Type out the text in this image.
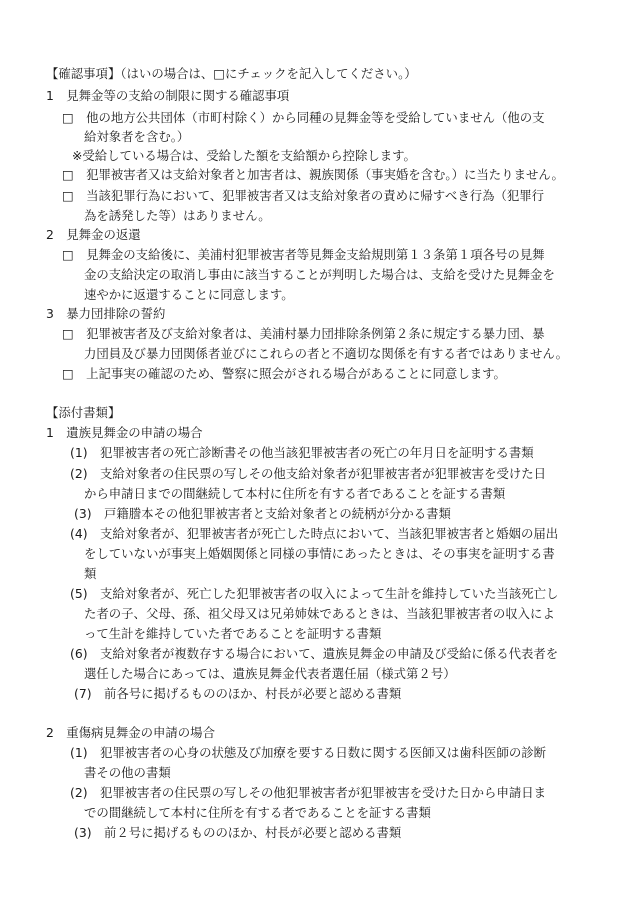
【確認事項】（はいの場合は、□にチェックを記入してください。）
1　見舞金等の支給の制限に関する確認事項
□　他の地方公共団体（市町村除く）から同種の見舞金等を受給していません（他の支
給対象者を含む。）
※受給している場合は、受給した額を支給額から控除します。
□　犯罪被害者又は支給対象者と加害者は、親族関係（事実婚を含む。）に当たりません。
□　当該犯罪行為において、犯罪被害者又は支給対象者の責めに帰すべき行為（犯罪行
為を誘発した等）はありません。
2　見舞金の返還
□　見舞金の支給後に、美浦村犯罪被害者等見舞金支給規則第１３条第１項各号の見舞
金の支給決定の取消し事由に該当することが判明した場合は、支給を受けた見舞金を
速やかに返還することに同意します。
3　暴力団排除の誓約
□　犯罪被害者及び支給対象者は、美浦村暴力団排除条例第２条に規定する暴力団、暴
力団員及び暴力団関係者並びにこれらの者と不適切な関係を有する者ではありません。
□　上記事実の確認のため、警察に照会がされる場合があることに同意します。
【添付書類】
1　遺族見舞金の申請の場合
(1)　犯罪被害者の死亡診断書その他当該犯罪被害者の死亡の年月日を証明する書類
(2)　支給対象者の住民票の写しその他支給対象者が犯罪被害者が犯罪被害を受けた日
から申請日までの間継続して本村に住所を有する者であることを証する書類
(3)　戸籍謄本その他犯罪被害者と支給対象者との続柄が分かる書類
(4)　支給対象者が、犯罪被害者が死亡した時点において、当該犯罪被害者と婚姻の届出
をしていないが事実上婚姻関係と同様の事情にあったときは、その事実を証明する書
類
(5)　支給対象者が、死亡した犯罪被害者の収入によって生計を維持していた当該死亡し
た者の子、父母、孫、祖父母又は兄弟姉妹であるときは、当該犯罪被害者の収入によ
って生計を維持していた者であることを証明する書類
(6)　支給対象者が複数存する場合において、遺族見舞金の申請及び受給に係る代表者を
選任した場合にあっては、遺族見舞金代表者選任届（様式第２号）
(7)　前各号に掲げるもののほか、村長が必要と認める書類
2　重傷病見舞金の申請の場合
(1)　犯罪被害者の心身の状態及び加療を要する日数に関する医師又は歯科医師の診断
書その他の書類
(2)　犯罪被害者の住民票の写しその他犯罪被害者が犯罪被害を受けた日から申請日ま
での間継続して本村に住所を有する者であることを証する書類
(3)　前２号に掲げるもののほか、村長が必要と認める書類
